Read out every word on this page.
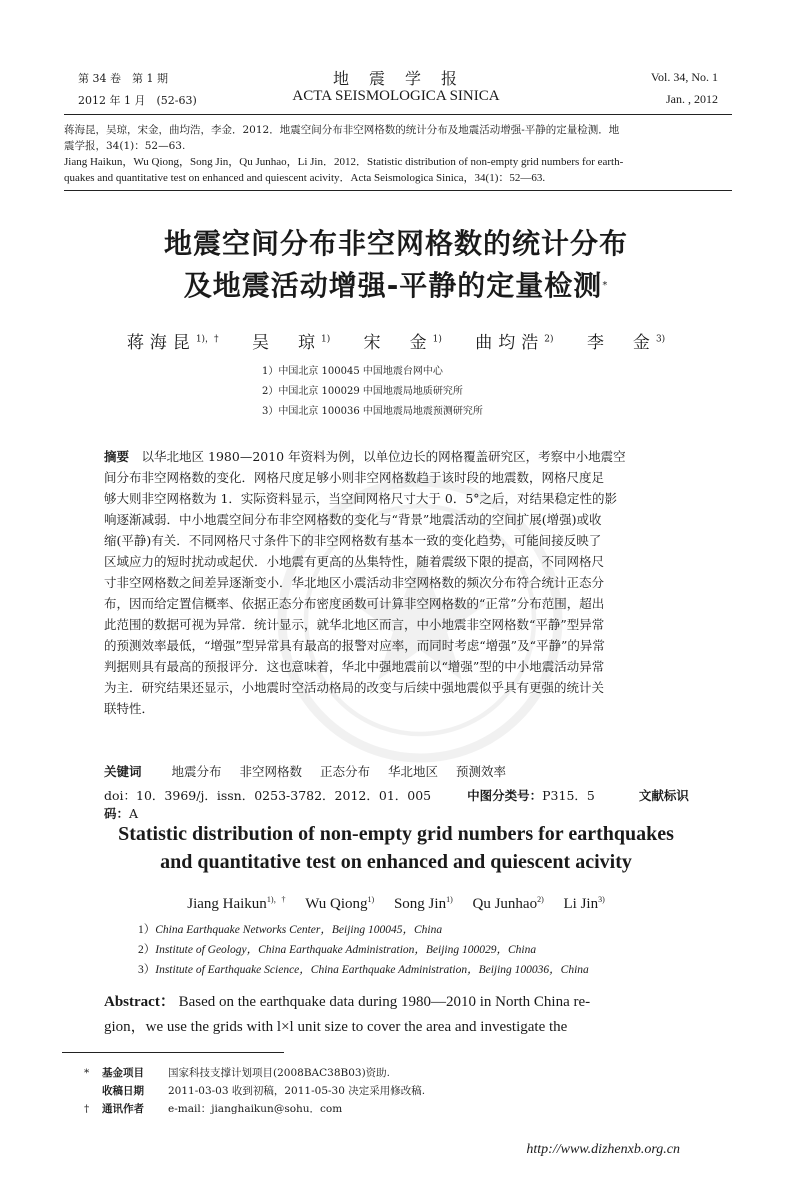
第 34 卷　第 1 期
2012 年 1 月　(52-63)
地　震　学　报
ACTA SEISMOLOGICA SINICA
Vol. 34, No. 1
Jan. , 2012
蒋海昆，吴琼，宋金，曲均浩，李金．2012．地震空间分布非空网格数的统计分布及地震活动增强-平静的定量检测．地
震学报，34(1)：52—63.
Jiang Haikun，Wu Qiong，Song Jin，Qu Junhao，Li Jin．2012．Statistic distribution of non-empty grid numbers for earth-
quakes and quantitative test on enhanced and quiescent acivity．Acta Seismologica Sinica，34(1)：52—63.
地震空间分布非空网格数的统计分布
及地震活动增强-平静的定量检测*
蒋海昆$^{1),\dagger}$ 吴　琼$^{1)}$ 宋　金$^{1)}$ 曲均浩$^{2)}$ 李　金$^{3)}$
1）中国北京 100045 中国地震台网中心
2）中国北京 100029 中国地震局地质研究所
3）中国北京 100036 中国地震局地震预测研究所
摘要　 以华北地区 1980—2010 年资料为例，以单位边长的网格覆盖研究区，考察中小地震空
间分布非空网格数的变化．网格尺度足够小则非空网格数趋于该时段的地震数，网格尺度足
够大则非空网格数为 1．实际资料显示，当空间网格尺寸大于 0．5°之后，对结果稳定性的影
响逐渐减弱．中小地震空间分布非空网格数的变化与“背景”地震活动的空间扩展(增强)或收
缩(平静)有关．不同网格尺寸条件下的非空网格数有基本一致的变化趋势，可能间接反映了
区域应力的短时扰动或起伏．小地震有更高的丛集特性，随着震级下限的提高，不同网格尺
寸非空网格数之间差异逐渐变小．华北地区小震活动非空网格数的频次分布符合统计正态分
布，因而给定置信概率、依据正态分布密度函数可计算非空网格数的“正常”分布范围，超出
此范围的数据可视为异常．统计显示，就华北地区而言，中小地震非空网格数“平静”型异常
的预测效率最低，“增强”型异常具有最高的报警对应率，而同时考虑“增强”及“平静”的异常
判据则具有最高的预报评分．这也意味着，华北中强地震前以“增强”型的中小地震活动异常
为主．研究结果还显示，小地震时空活动格局的改变与后续中强地震似乎具有更强的统计关
联特性．
关键词 地震分布 非空网格数 正态分布 华北地区 预测效率
doi：10．3969/j．issn．0253-3782．2012．01．005	中图分类号：P315．5	文献标识码：A
Statistic distribution of non-empty grid numbers for earthquakes
and quantitative test on enhanced and quiescent acivity
Jiang Haikun$^{1),\dagger}$ Wu Qiong$^{1)}$ Song Jin$^{1)}$ Qu Junhao$^{2)}$ Li Jin$^{3)}$
1）China Earthquake Networks Center，Beijing 100045，China
2）Institute of Geology，China Earthquake Administration，Beijing 100029，China
3）Institute of Earthquake Science，China Earthquake Administration，Beijing 100036，China
Abstract： Based on the earthquake data during 1980—2010 in North China re-
gion，we use the grids with l×l unit size to cover the area and investigate the
* 基金项目 国家科技支撑计划项目(2008BAC38B03)资助.
收稿日期 2011-03-03 收到初稿，2011-05-30 决定采用修改稿.
† 通讯作者 e-mail：jianghaikun@sohu．com
http://www.dizhenxb.org.cn
